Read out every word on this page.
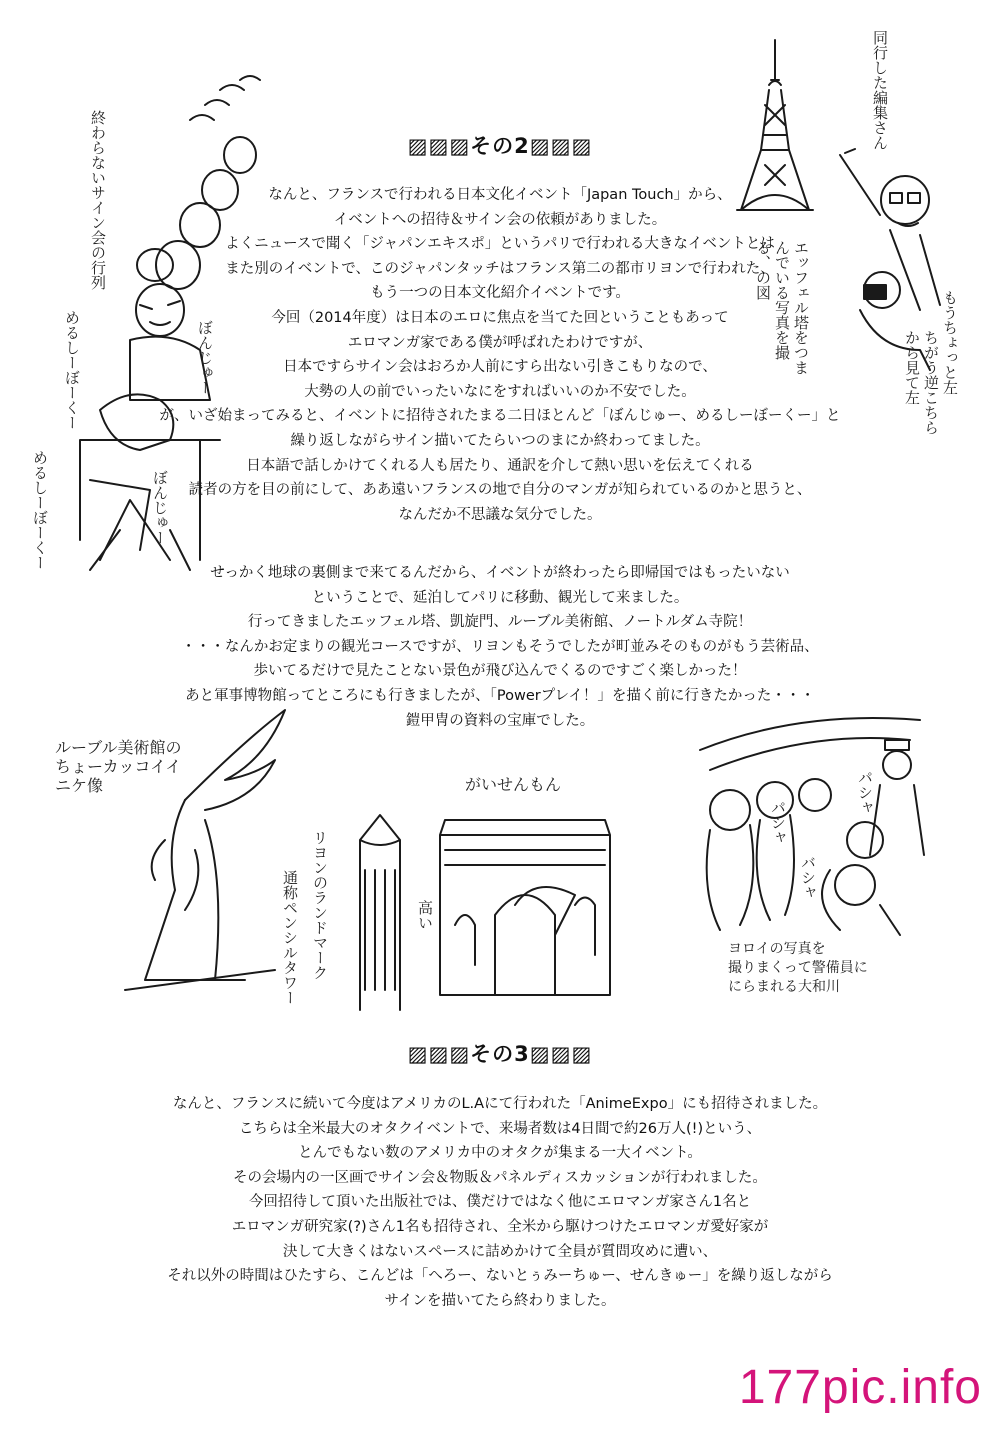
▨▨▨その2▨▨▨
なんと、フランスで行われる日本文化イベント「Japan Touch」から、
イベントへの招待＆サイン会の依頼がありました。
よくニュースで聞く「ジャパンエキスポ」というパリで行われる大きなイベントとは
また別のイベントで、このジャパンタッチはフランス第二の都市リヨンで行われた、
もう一つの日本文化紹介イベントです。
今回（2014年度）は日本のエロに焦点を当てた回ということもあって
エロマンガ家である僕が呼ばれたわけですが、
日本ですらサイン会はおろか人前にすら出ない引きこもりなので、
大勢の人の前でいったいなにをすればいいのか不安でした。
が、いざ始まってみると、イベントに招待されたまる二日ほとんど「ぼんじゅー、めるしーぼーくー」と
繰り返しながらサイン描いてたらいつのまにか終わってました。
日本語で話しかけてくれる人も居たり、通訳を介して熱い思いを伝えてくれる
読者の方を目の前にして、ああ遠いフランスの地で自分のマンガが知られているのかと思うと、
なんだか不思議な気分でした。
せっかく地球の裏側まで来てるんだから、イベントが終わったら即帰国ではもったいない
ということで、延泊してパリに移動、観光して来ました。
行ってきましたエッフェル塔、凱旋門、ルーブル美術館、ノートルダム寺院！
・・・なんかお定まりの観光コースですが、リヨンもそうでしたが町並みそのものがもう芸術品、
歩いてるだけで見たことない景色が飛び込んでくるのですごく楽しかった！
あと軍事博物館ってところにも行きましたが、「Powerプレイ！」を描く前に行きたかった・・・
鎧甲冑の資料の宝庫でした。
▨▨▨その3▨▨▨
なんと、フランスに続いて今度はアメリカのL.Aにて行われた「AnimeExpo」にも招待されました。
こちらは全米最大のオタクイベントで、来場者数は4日間で約26万人(!)という、
とんでもない数のアメリカ中のオタクが集まる一大イベント。
その会場内の一区画でサイン会＆物販＆パネルディスカッションが行われました。
今回招待して頂いた出版社では、僕だけではなく他にエロマンガ家さん1名と
エロマンガ研究家(?)さん1名も招待され、全米から駆けつけたエロマンガ愛好家が
決して大きくはないスペースに詰めかけて全員が質問攻めに遭い、
それ以外の時間はひたすら、こんどは「へろー、ないとぅみーちゅー、せんきゅー」を繰り返しながら
サインを描いてたら終わりました。
終わらないサイン会の行列
めるしーぼーくー	ぼんじゅー
めるしーぼーくー	ぼんじゅー
同行した編集さん
エッフェル塔をつまんでいる写真を撮る、の図
もうちょっと左
ちがう逆こちらから見て左
ルーブル美術館の
ちょーカッコイイ
ニケ像
リヨンのランドマーク
通称ペンシルタワー	高い
がいせんもん	パシャ
パシャ
バシャ
ヨロイの写真を
撮りまくって警備員に
にらまれる大和川
177pic.info
